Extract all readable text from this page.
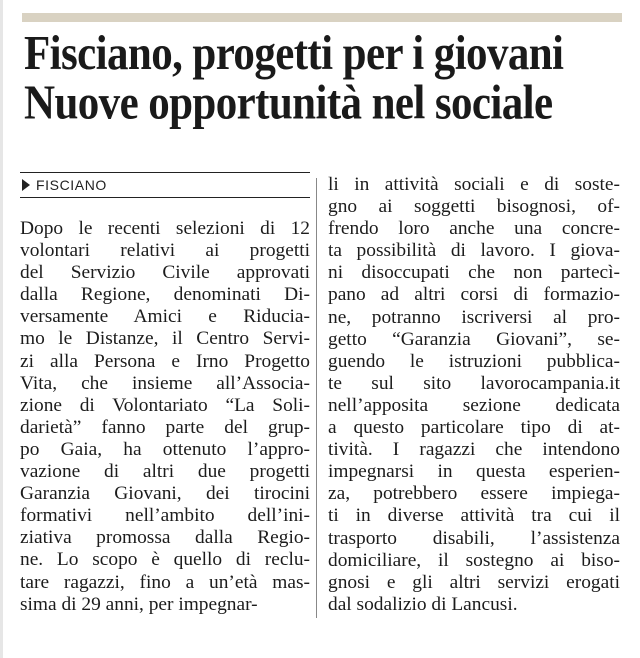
Fisciano, progetti per i giovani
Nuove opportunità nel sociale
FISCIANO
Dopo le recenti selezioni di 12
volontari relativi ai progetti
del Servizio Civile approvati
dalla Regione, denominati Di-
versamente Amici e Riducia-
mo le Distanze, il Centro Servi-
zi alla Persona e Irno Progetto
Vita, che insieme all’Associa-
zione di Volontariato “La Soli-
darietà” fanno parte del grup-
po Gaia, ha ottenuto l’appro-
vazione di altri due progetti
Garanzia Giovani, dei tirocini
formativi nell’ambito dell’ini-
ziativa promossa dalla Regio-
ne. Lo scopo è quello di reclu-
tare ragazzi, fino a un’età mas-
sima di 29 anni, per impegnar-
li in attività sociali e di soste-
gno ai soggetti bisognosi, of-
frendo loro anche una concre-
ta possibilità di lavoro. I giova-
ni disoccupati che non partecì-
pano ad altri corsi di formazio-
ne, potranno iscriversi al pro-
getto “Garanzia Giovani”, se-
guendo le istruzioni pubblica-
te sul sito lavorocampania.it
nell’apposita sezione dedicata
a questo particolare tipo di at-
tività. I ragazzi che intendono
impegnarsi in questa esperien-
za, potrebbero essere impiega-
ti in diverse attività tra cui il
trasporto disabili, l’assistenza
domiciliare, il sostegno ai biso-
gnosi e gli altri servizi erogati
dal sodalizio di Lancusi.
